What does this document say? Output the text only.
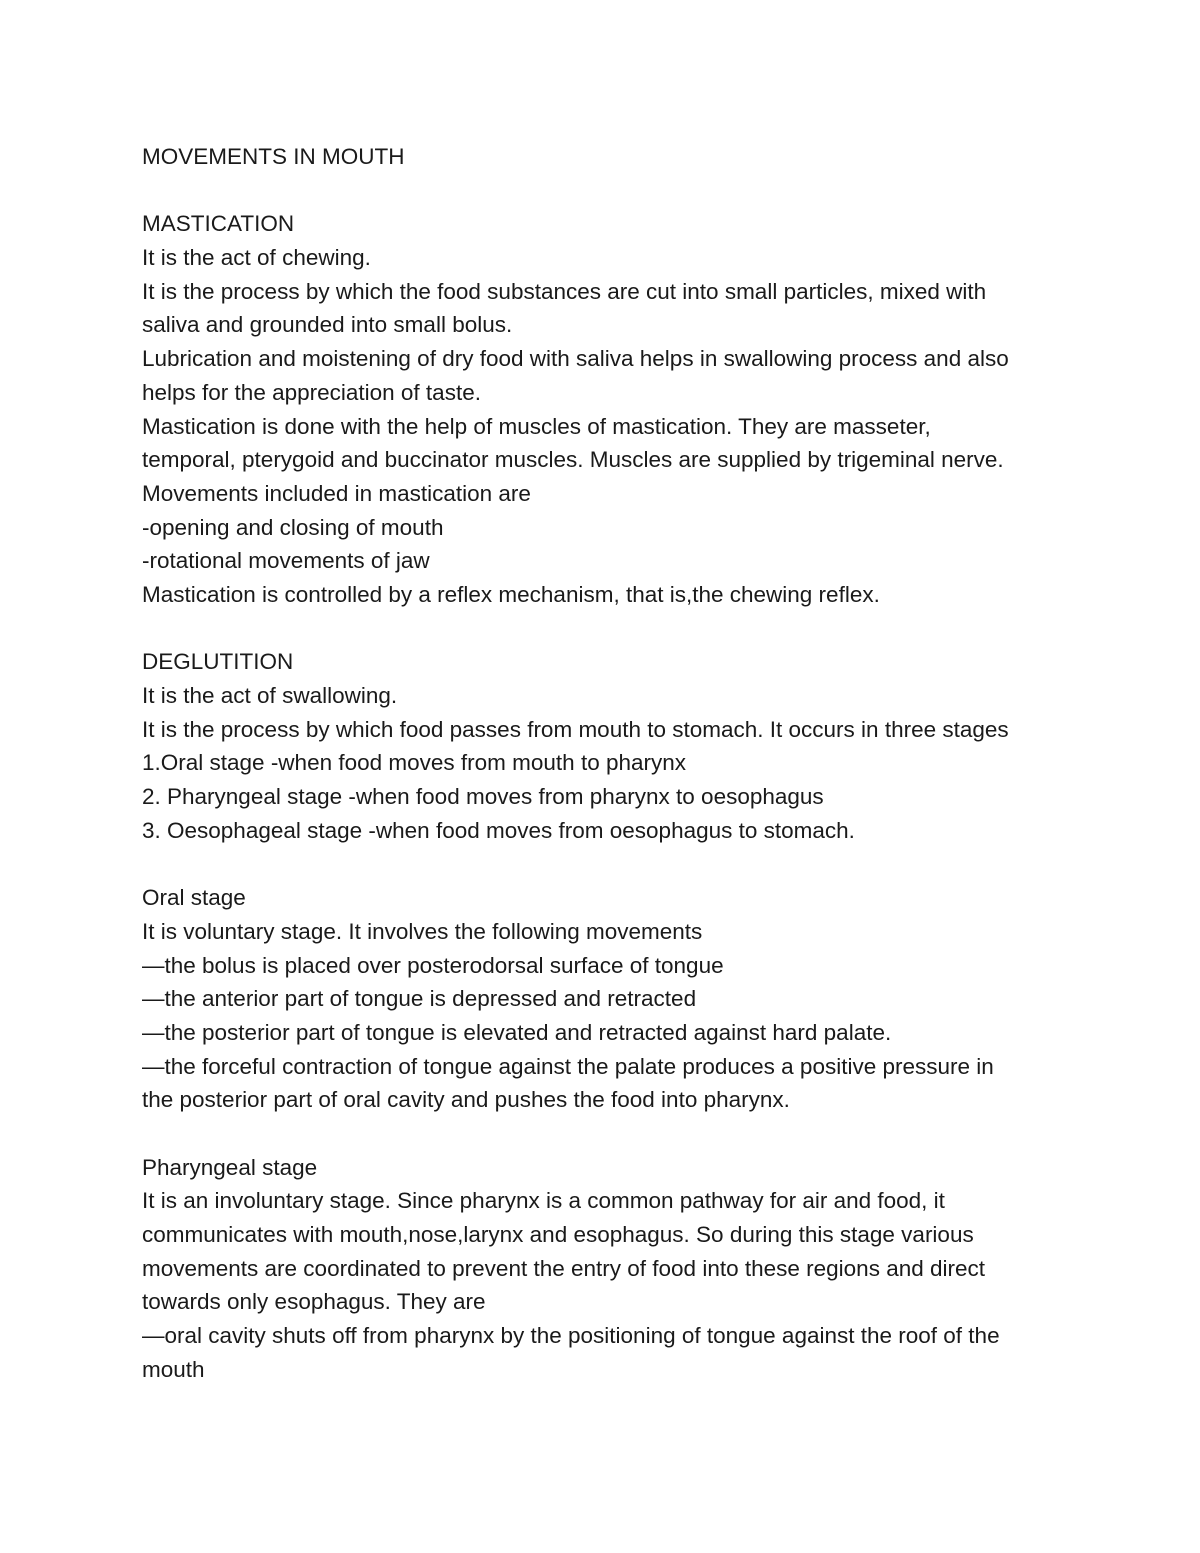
MOVEMENTS IN MOUTH

MASTICATION

It is the act of chewing.

It is the process by which the food substances are cut into small particles, mixed with

saliva and grounded into small bolus.

Lubrication and moistening of dry food with saliva helps in swallowing process and also

helps for the appreciation of taste.

Mastication is done with the help of muscles of mastication. They are masseter,

temporal, pterygoid and buccinator muscles. Muscles are supplied by trigeminal nerve.

Movements included in mastication are

-opening and closing of mouth

-rotational movements of jaw

Mastication is controlled by a reflex mechanism, that is,the chewing reflex.

DEGLUTITION

It is the act of swallowing.

It is the process by which food passes from mouth to stomach. It occurs in three stages

1.Oral stage -when food moves from mouth to pharynx

2. Pharyngeal stage -when food moves from pharynx to oesophagus

3. Oesophageal stage -when food moves from oesophagus to stomach.

Oral stage

It is voluntary stage. It involves the following movements

—the bolus is placed over posterodorsal surface of tongue

—the anterior part of tongue is depressed and retracted

—the posterior part of tongue is elevated and retracted against hard palate.

—the forceful contraction of tongue against the palate produces a positive pressure in

the posterior part of oral cavity and pushes the food into pharynx.

Pharyngeal stage

It is an involuntary stage. Since pharynx is a common pathway for air and food, it

communicates with mouth,nose,larynx and esophagus. So during this stage various

movements are coordinated to prevent the entry of food into these regions and direct

towards only esophagus. They are

—oral cavity shuts off from pharynx by the positioning of tongue against the roof of the

mouth
